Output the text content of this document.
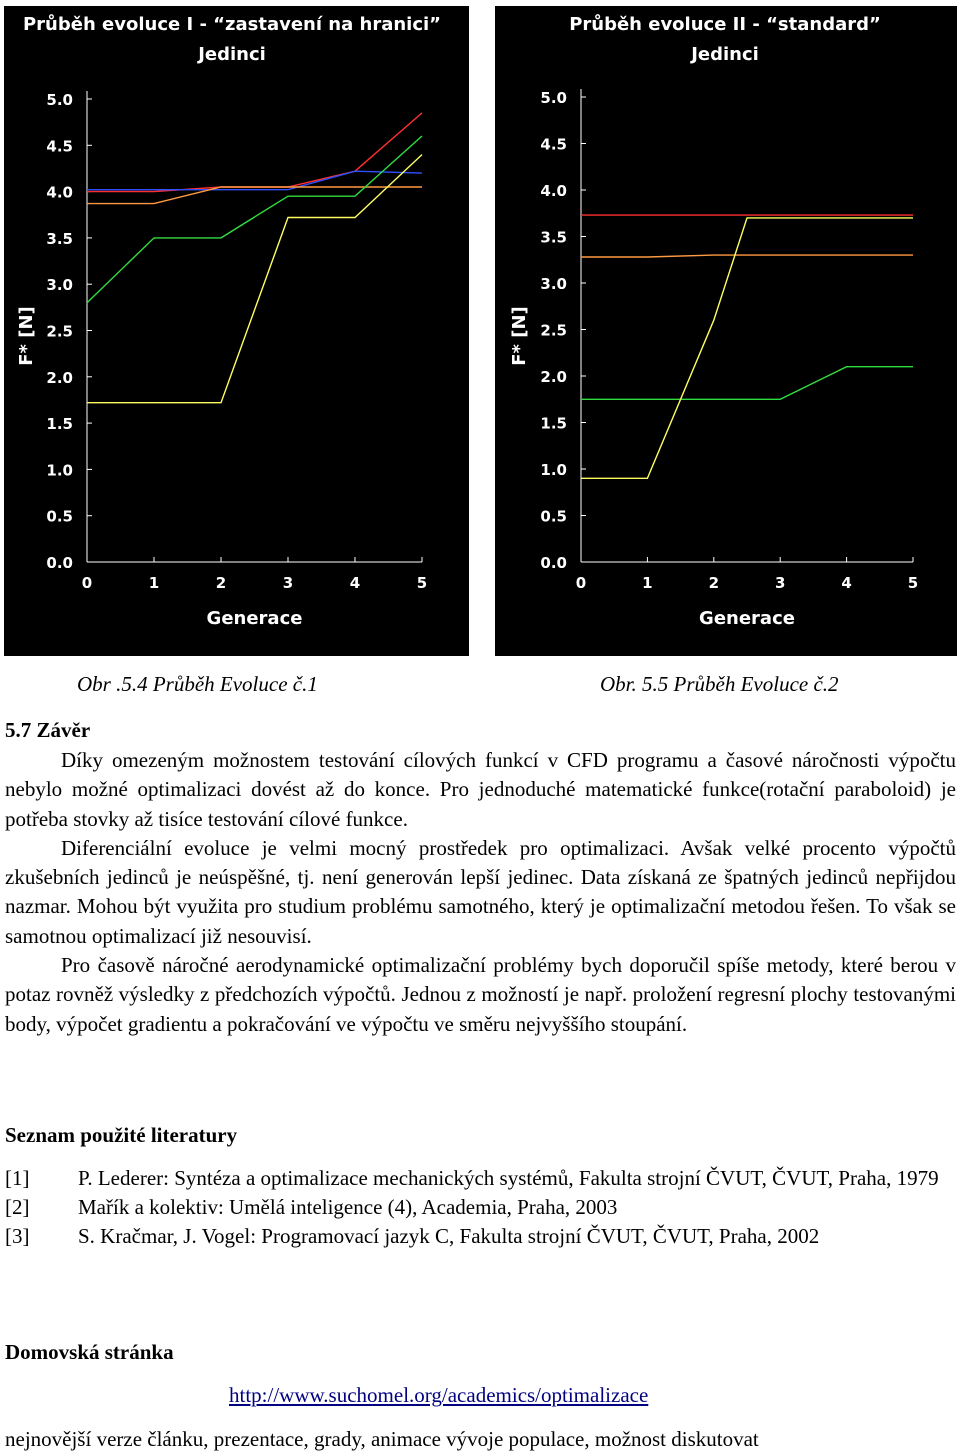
Průběh evoluce I - “zastavení na hranici”
Jedinci
0.0
0.5
1.0
1.5
2.0
2.5
3.0
3.5
4.0
4.5
5.0
0	1	2	3	4	5
Generace
F* [N]
Průběh evoluce II - “standard”
Jedinci
0.0
0.5
1.0
1.5
2.0
2.5
3.0
3.5
4.0
4.5
5.0
0	1	2	3	4	5
Generace
F* [N]
Obr .5.4 Průběh Evoluce č.1	Obr. 5.5 Průběh Evoluce č.2
5.7 Závěr

Díky omezeným možnostem testování cílových funkcí v CFD programu a časové náročnosti výpočtu nebylo možné optimalizaci dovést až do konce. Pro jednoduché matematické funkce(rotační paraboloid) je potřeba stovky až tisíce testování cílové funkce.

Diferenciální evoluce je velmi mocný prostředek pro optimalizaci. Avšak velké procento výpočtů zkušebních jedinců je neúspěšné, tj. není generován lepší jedinec. Data získaná ze špatných jedinců nepřijdou nazmar. Mohou být využita pro studium problému samotného, který je optimalizační metodou řešen. To však se samotnou optimalizací již nesouvisí.

Pro časově náročné aerodynamické optimalizační problémy bych doporučil spíše metody, které berou v potaz rovněž výsledky z předchozích výpočtů. Jednou z možností je např. proložení regresní plochy testovanými body, výpočet gradientu a pokračování ve výpočtu ve směru nejvyššího stoupání.

Seznam použité literatury
[1]	P. Lederer: Syntéza a optimalizace mechanických systémů, Fakulta strojní ČVUT, ČVUT, Praha, 1979
[2]	Mařík a kolektiv: Umělá inteligence (4), Academia, Praha, 2003
[3]	S. Kračmar, J. Vogel: Programovací jazyk C, Fakulta strojní ČVUT, ČVUT, Praha, 2002
Domovská stránka
http://www.suchomel.org/academics/optimalizace
nejnovější verze článku, prezentace, grady, animace vývoje populace, možnost diskutovat
